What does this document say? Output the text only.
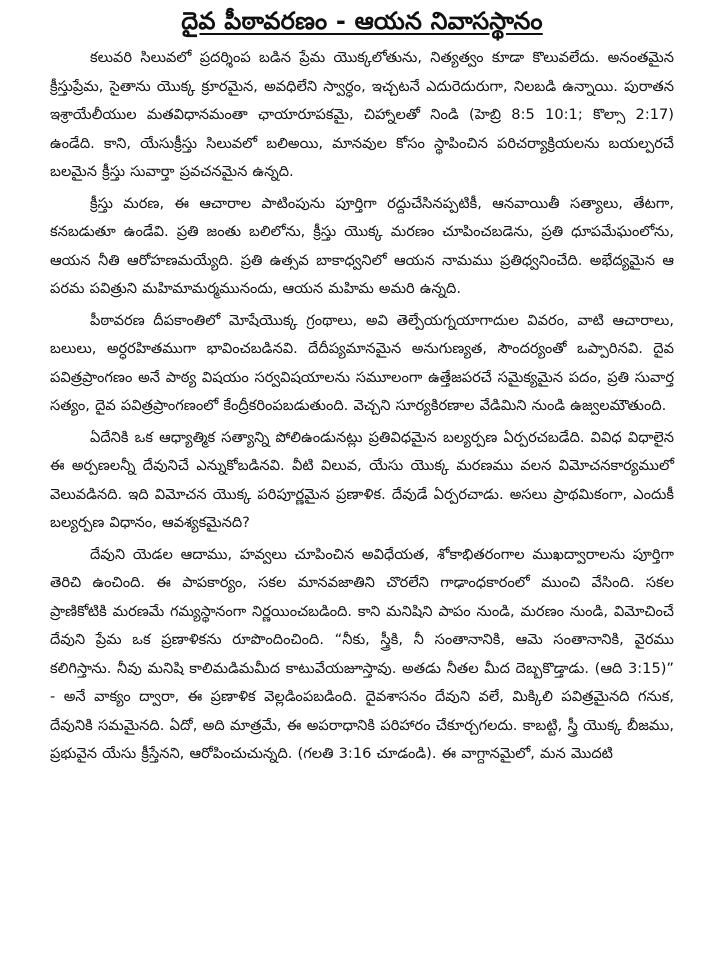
దైవ పీఠావరణం - ఆయన నివాసస్థానం

కలువరి సిలువలో ప్రదర్శింప బడిన ప్రేమ యొక్కలోతును, నిత్యత్వం కూడా కొలువలేదు. అనంతమైన క్రీస్తుప్రేమ, సైతాను యొక్క క్రూరమైన, అవధిలేని స్వార్ధం, ఇచ్చటనే ఎదురెదురుగా, నిలబడి ఉన్నాయి. పురాతన ఇశ్రాయేలీయుల మతవిధానమంతా ఛాయారూపకమై, చిహ్నాలతో నిండి (హెబ్రి 8:5 10:1; కొల్సా 2:17) ఉండేది. కాని, యేసుక్రీస్తు సిలువలో బలిఅయి, మానవుల కోసం స్థాపించిన పరిచర్యాక్రియలను బయల్పరచే బలమైన క్రీస్తు సువార్తా ప్రవచనమైన ఉన్నది.

క్రీస్తు మరణ, ఈ ఆచారాల పాటింపును పూర్తిగా రద్దుచేసినప్పటికీ, ఆనవాయితీ సత్యాలు, తేటగా, కనబడుతూ ఉండేవి. ప్రతి జంతు బలిలోను, క్రీస్తు యొక్క మరణం చూపించబడెను, ప్రతి ధూపమేఘంలోను, ఆయన నీతి ఆరోహణమయ్యేది. ప్రతి ఉత్సవ బాకాధ్వనిలో ఆయన నామము ప్రతిధ్వనించేది. అభేద్యమైన ఆ పరమ పవిత్రుని మహిమామర్మమునందు, ఆయన మహిమ అమరి ఉన్నది.

పీఠావరణ దీపకాంతిలో మోషేయొక్క గ్రంథాలు, అవి తెల్పేయగ్నయాగాదుల వివరం, వాటి ఆచారాలు, బలులు, అర్ధరహితముగా భావించబడినవి. దేదీప్యమానమైన అనుగుణ్యత, సౌందర్యంతో ఒప్పారినవి. దైవ పవిత్రప్రాంగణం అనే పాఠ్య విషయం సర్వవిషయాలను సమూలంగా ఉత్తేజపరచే సమైక్యమైన పదం, ప్రతి సువార్త సత్యం, దైవ పవిత్రప్రాంగణంలో కేంద్రీకరింపబడుతుంది. వెచ్చని సూర్యకిరణాల వేడిమిని నుండి ఉజ్వలమౌతుంది.

ఏదేనికి ఒక ఆధ్యాత్మిక సత్యాన్ని పోలిఉండునట్లు ప్రతివిధమైన బల్యర్పణ ఏర్పరచబడేది. వివిధ విధాలైన ఈ అర్పణలన్నీ దేవునిచే ఎన్నుకోబడినవి. వీటి విలువ, యేసు యొక్క మరణము వలన విమోచనకార్యములో వెలువడినది. ఇది విమోచన యొక్క పరిపూర్ణమైన ప్రణాళిక. దేవుడే ఏర్పరచాడు. అసలు ప్రాథమికంగా, ఎందుకీ బల్యర్పణ విధానం, ఆవశ్యకమైనది?

దేవుని యెడల ఆదాము, హవ్వలు చూపించిన అవిధేయత, శోకాభితరంగాల ముఖద్వారాలను పూర్తిగా తెరిచి ఉంచింది. ఈ పాపకార్యం, సకల మానవజాతిని చొరలేని గాఢాంధకారంలో ముంచి వేసింది. సకల ప్రాణికోటికి మరణమే గమ్యస్థానంగా నిర్ణయించబడింది. కాని మనిషిని పాపం నుండి, మరణం నుండి, విమోచించే దేవుని ప్రేమ ఒక ప్రణాళికను రూపొందించింది. “నీకు, స్త్రీకి, నీ సంతానానికి, ఆమె సంతానానికి, వైరము కలిగిస్తాను. నీవు మనిషి కాలిమడిమమీద కాటువేయజూస్తావు. అతడు నీతల మీద దెబ్బకొడ్తాడు. (ఆది 3:15)” - అనే వాక్యం ద్వారా, ఈ ప్రణాళిక వెల్లడింపబడింది. దైవశాసనం దేవుని వలే, మిక్కిలి పవిత్రమైనది గనుక, దేవునికి సమమైనది. ఏదో, అది మాత్రమే, ఈ అపరాధానికి పరిహారం చేకూర్చగలదు. కాబట్టి, స్త్రీ యొక్క బీజము, ప్రభువైన యేసు క్రీస్తేనని, ఆరోపించుచున్నది. (గలతి 3:16 చూడండి). ఈ వాగ్దానమైలో, మన మొదటి
